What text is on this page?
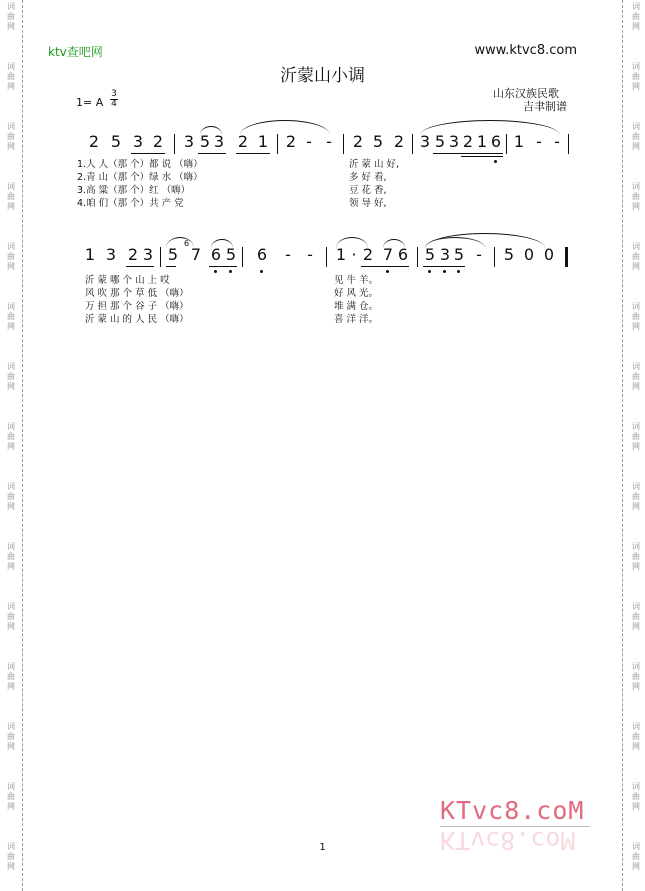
词
曲
网
词
曲
网
词
曲
网
词
曲
网
词
曲
网
词
曲
网
词
曲
网
词
曲
网
词
曲
网
词
曲
网
词
曲
网
词
曲
网
词
曲
网
词
曲
网
词
曲
网
词
曲
网
词
曲
网
词
曲
网
词
曲
网
词
曲
网
词
曲
网
词
曲
网
词
曲
网
词
曲
网
词
曲
网
词
曲
网
词
曲
网
词
曲
网
词
曲
网
词
曲
网
ktv查吧网	www.ktvc8.com
沂蒙山小调
山东汉族民歌
吉聿制谱
1= A
3
4
2 5 3 2 3 5 3 2 1 2 - - 2 5 2 3 5 3 2 1 6 1 - -
1.人 人（那 个）都 说 （嗨）	沂 蒙 山 好,
2.青 山（那 个）绿 水 （嗨）	多 好 看,
3.高 粱（那 个）红 （嗨）	豆 花 香,
4.咱 们（那 个）共 产 党	领 导 好,
1 3 2 3 5 7 6 5 6 - - 1 · 2 7 6 5 3 5 - 5 0 0
6
沂 蒙 哪 个 山 上 哎	见 牛 羊。
风 吹 那 个 草 低 （嗨）	好 风 光。
万 担 那 个 谷 子 （嗨）	堆 满 仓。
沂 蒙 山 的 人 民 （嗨）	喜 洋 洋。
KTvc8.coM
KTvc8.coM
1
